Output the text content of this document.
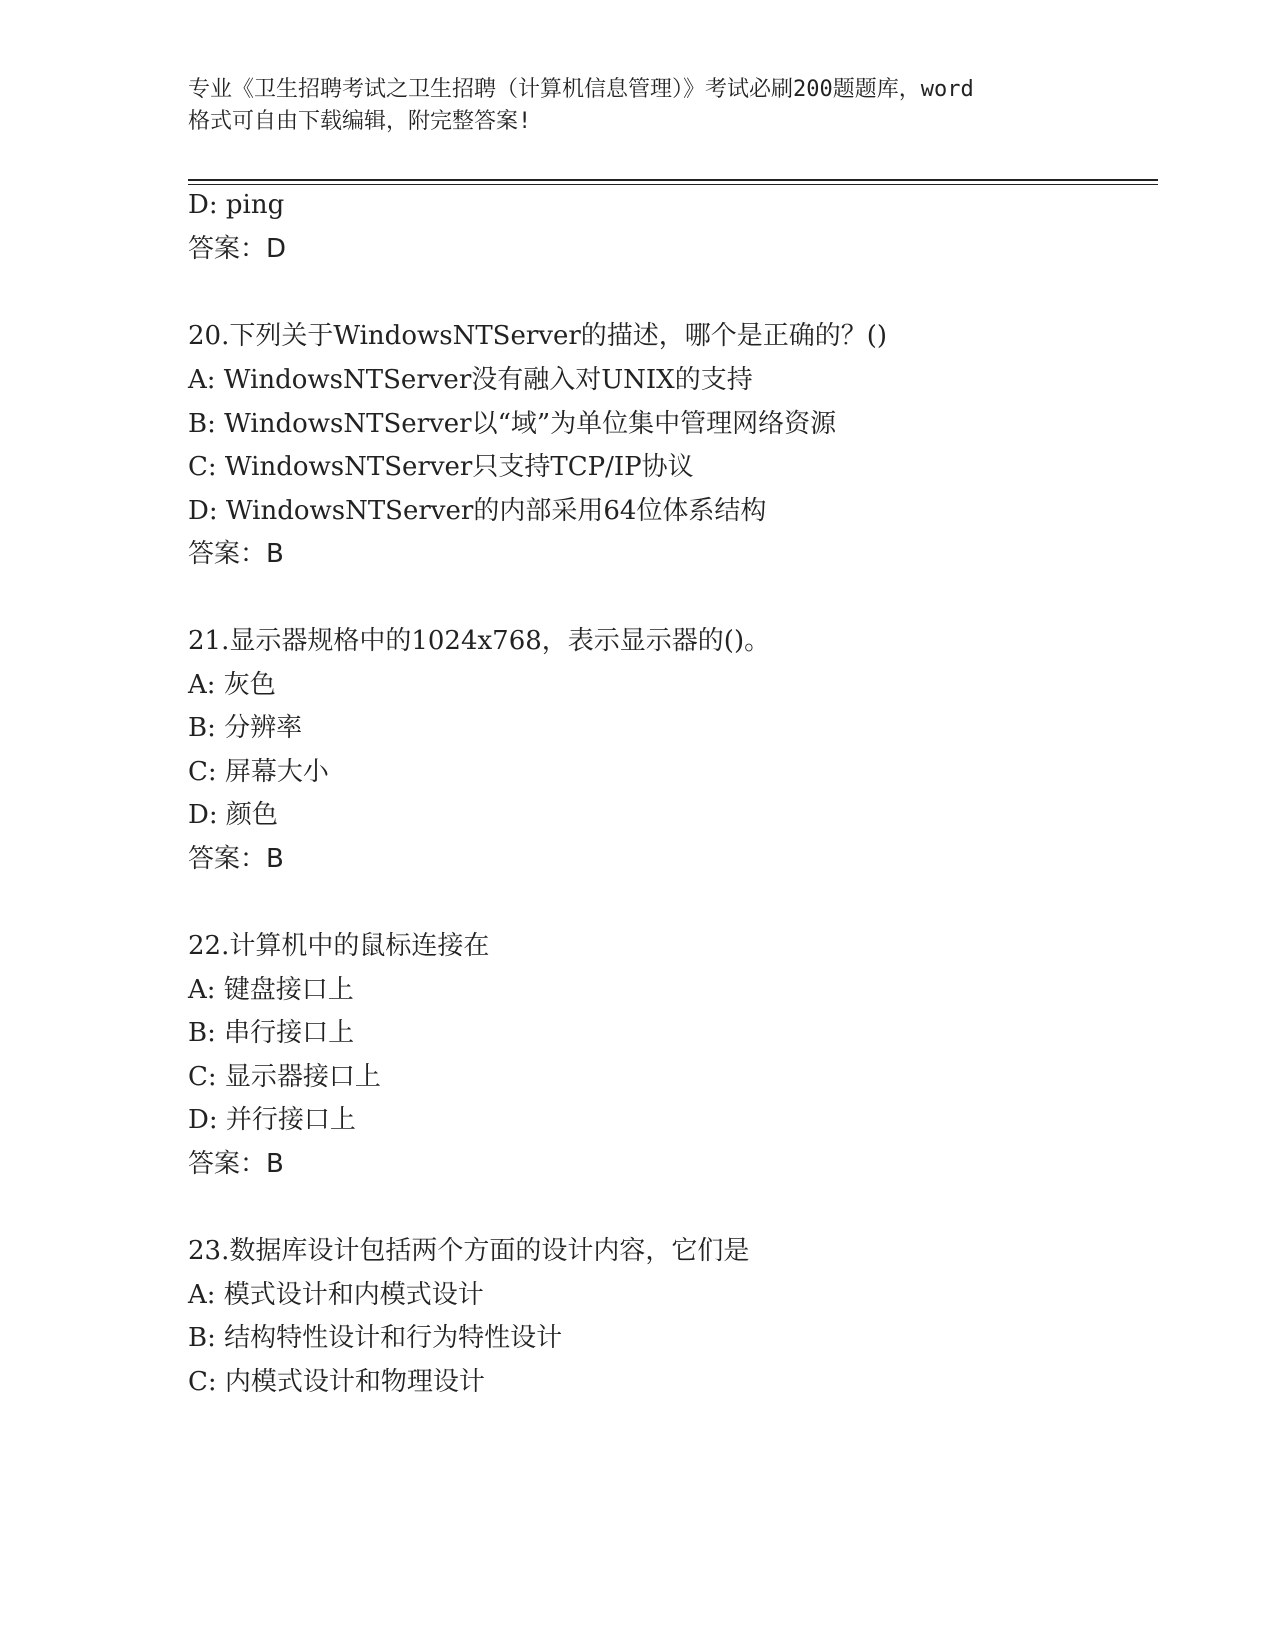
专业《卫生招聘考试之卫生招聘（计算机信息管理）》考试必刷200题题库，word
格式可自由下载编辑，附完整答案!
D: ping
答案：D
20.下列关于WindowsNTServer的描述，哪个是正确的？()
A: WindowsNTServer没有融入对UNIX的支持
B: WindowsNTServer以“域”为单位集中管理网络资源
C: WindowsNTServer只支持TCP/IP协议
D: WindowsNTServer的内部采用64位体系结构
答案：B
21.显示器规格中的1024x768，表示显示器的()。
A: 灰色
B: 分辨率
C: 屏幕大小
D: 颜色
答案：B
22.计算机中的鼠标连接在
A: 键盘接口上
B: 串行接口上
C: 显示器接口上
D: 并行接口上
答案：B
23.数据库设计包括两个方面的设计内容，它们是
A: 模式设计和内模式设计
B: 结构特性设计和行为特性设计
C: 内模式设计和物理设计
